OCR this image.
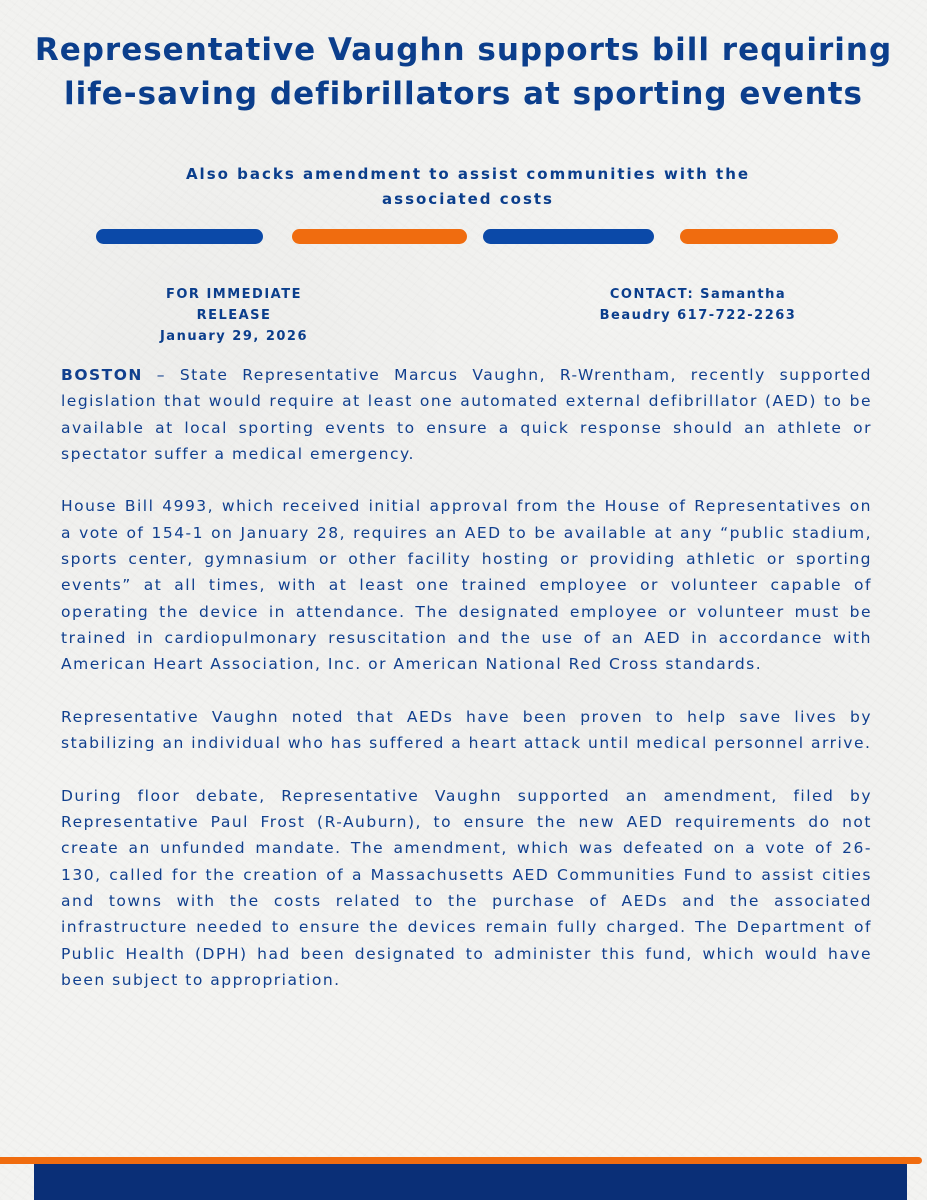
Representative Vaughn supports bill requiring life-saving defibrillators at sporting events
Also backs amendment to assist communities with the associated costs
FOR IMMEDIATE
RELEASE
January 29, 2026
CONTACT: Samantha
Beaudry 617-722-2263

BOSTON – State Representative Marcus Vaughn, R-Wrentham, recently supported legislation that would require at least one automated external defibrillator (AED) to be available at local sporting events to ensure a quick response should an athlete or spectator suffer a medical emergency.

House Bill 4993, which received initial approval from the House of Representatives on a vote of 154-1 on January 28, requires an AED to be available at any “public stadium, sports center, gymnasium or other facility hosting or providing athletic or sporting events” at all times, with at least one trained employee or volunteer capable of operating the device in attendance. The designated employee or volunteer must be trained in cardiopulmonary resuscitation and the use of an AED in accordance with American Heart Association, Inc. or American National Red Cross standards.

Representative Vaughn noted that AEDs have been proven to help save lives by stabilizing an individual who has suffered a heart attack until medical personnel arrive.

During floor debate, Representative Vaughn supported an amendment, filed by Representative Paul Frost (R-Auburn), to ensure the new AED requirements do not create an unfunded mandate. The amendment, which was defeated on a vote of 26-130, called for the creation of a Massachusetts AED Communities Fund to assist cities and towns with the costs related to the purchase of AEDs and the associated infrastructure needed to ensure the devices remain fully charged. The Department of Public Health (DPH) had been designated to administer this fund, which would have been subject to appropriation.
